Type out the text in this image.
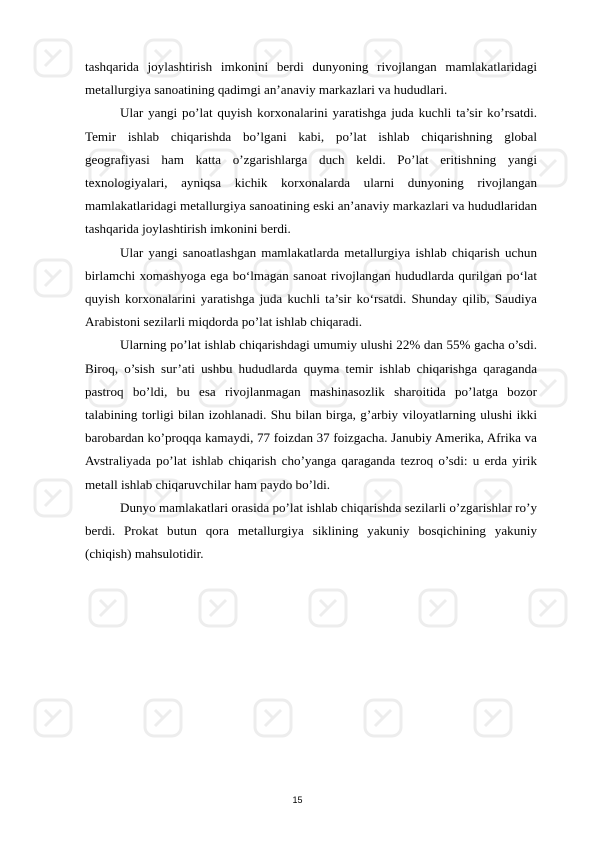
tashqarida joylashtirish imkonini berdi dunyoning rivojlangan mamlakatlaridagi metallurgiya sanoatining qadimgi an’anaviy markazlari va hududlari.

Ular yangi po’lat quyish korxonalarini yaratishga juda kuchli ta’sir ko’rsatdi. Temir ishlab chiqarishda bo’lgani kabi, po’lat ishlab chiqarishning global geografiyasi ham katta o’zgarishlarga duch keldi. Po’lat eritishning yangi texnologiyalari, ayniqsa kichik korxonalarda ularni dunyoning rivojlangan mamlakatlaridagi metallurgiya sanoatining eski an’anaviy markazlari va hududlaridan tashqarida joylashtirish imkonini berdi.

Ular yangi sanoatlashgan mamlakatlarda metallurgiya ishlab chiqarish uchun birlamchi xomashyoga ega bo‘lmagan sanoat rivojlangan hududlarda qurilgan po‘lat quyish korxonalarini yaratishga juda kuchli ta’sir ko‘rsatdi. Shunday qilib, Saudiya Arabistoni sezilarli miqdorda po’lat ishlab chiqaradi.

Ularning po’lat ishlab chiqarishdagi umumiy ulushi 22% dan 55% gacha o’sdi. Biroq, o’sish sur’ati ushbu hududlarda quyma temir ishlab chiqarishga qaraganda pastroq bo’ldi, bu esa rivojlanmagan mashinasozlik sharoitida po’latga bozor talabining torligi bilan izohlanadi. Shu bilan birga, g’arbiy viloyatlarning ulushi ikki barobardan ko’proqqa kamaydi, 77 foizdan 37 foizgacha. Janubiy Amerika, Afrika va Avstraliyada po’lat ishlab chiqarish cho’yanga qaraganda tezroq o’sdi: u erda yirik metall ishlab chiqaruvchilar ham paydo bo’ldi.

Dunyo mamlakatlari orasida po’lat ishlab chiqarishda sezilarli o’zgarishlar ro’y berdi. Prokat butun qora metallurgiya siklining yakuniy bosqichining yakuniy (chiqish) mahsulotidir.

15
